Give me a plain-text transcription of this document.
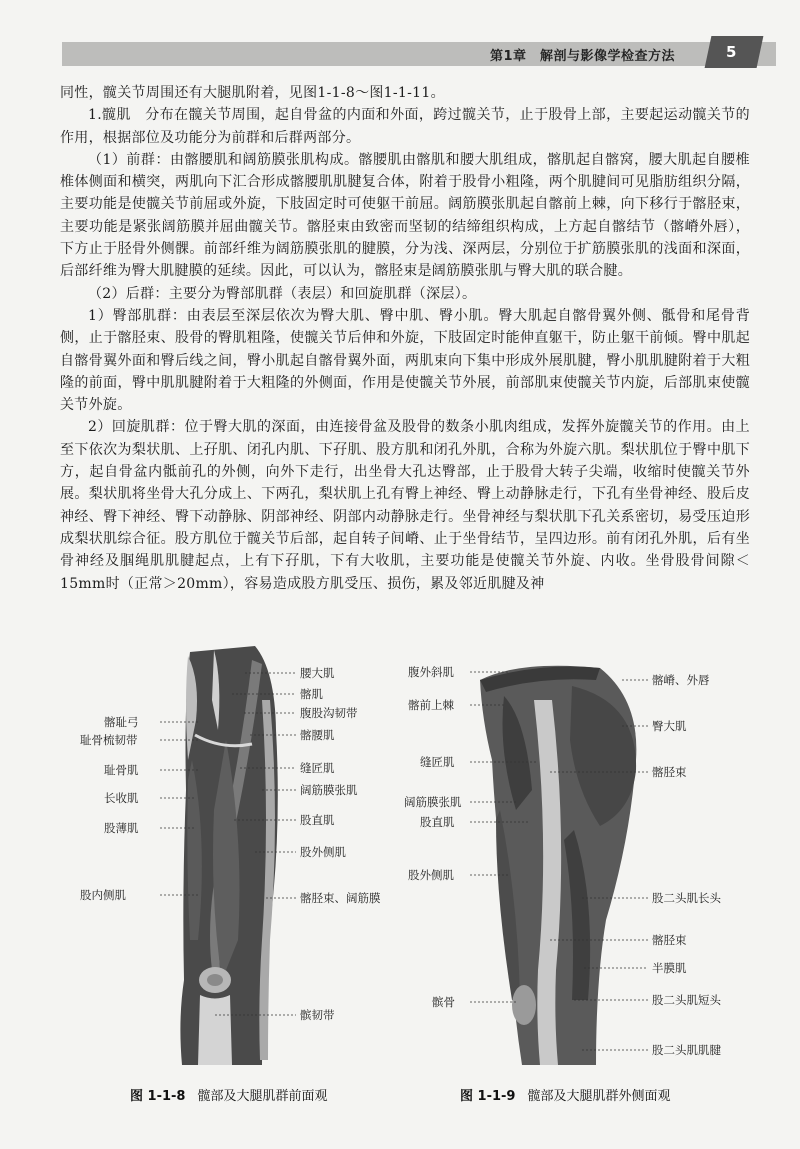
第1章　解剖与影像学检查方法	5

同性，髋关节周围还有大腿肌附着，见图1-1-8～图1-1-11。

1.髋肌　分布在髋关节周围，起自骨盆的内面和外面，跨过髋关节，止于股骨上部，主要起运动髋关节的作用，根据部位及功能分为前群和后群两部分。

（1）前群：由髂腰肌和阔筋膜张肌构成。髂腰肌由髂肌和腰大肌组成，髂肌起自髂窝，腰大肌起自腰椎椎体侧面和横突，两肌向下汇合形成髂腰肌肌腱复合体，附着于股骨小粗隆，两个肌腱间可见脂肪组织分隔，主要功能是使髋关节前屈或外旋，下肢固定时可使躯干前屈。阔筋膜张肌起自髂前上棘，向下移行于髂胫束，主要功能是紧张阔筋膜并屈曲髋关节。髂胫束由致密而坚韧的结缔组织构成，上方起自髂结节（髂嵴外唇），下方止于胫骨外侧髁。前部纤维为阔筋膜张肌的腱膜，分为浅、深两层，分别位于扩筋膜张肌的浅面和深面，后部纤维为臀大肌腱膜的延续。因此，可以认为，髂胫束是阔筋膜张肌与臀大肌的联合腱。

（2）后群：主要分为臀部肌群（表层）和回旋肌群（深层）。

1）臀部肌群：由表层至深层依次为臀大肌、臀中肌、臀小肌。臀大肌起自髂骨翼外侧、骶骨和尾骨背侧，止于髂胫束、股骨的臀肌粗隆，使髋关节后伸和外旋，下肢固定时能伸直躯干，防止躯干前倾。臀中肌起自髂骨翼外面和臀后线之间，臀小肌起自髂骨翼外面，两肌束向下集中形成外展肌腱，臀小肌肌腱附着于大粗隆的前面，臀中肌肌腱附着于大粗隆的外侧面，作用是使髋关节外展，前部肌束使髋关节内旋，后部肌束使髋关节外旋。

2）回旋肌群：位于臀大肌的深面，由连接骨盆及股骨的数条小肌肉组成，发挥外旋髋关节的作用。由上至下依次为梨状肌、上孖肌、闭孔内肌、下孖肌、股方肌和闭孔外肌，合称为外旋六肌。梨状肌位于臀中肌下方，起自骨盆内骶前孔的外侧，向外下走行，出坐骨大孔达臀部，止于股骨大转子尖端，收缩时使髋关节外展。梨状肌将坐骨大孔分成上、下两孔，梨状肌上孔有臀上神经、臀上动静脉走行，下孔有坐骨神经、股后皮神经、臀下神经、臀下动静脉、阴部神经、阴部内动静脉走行。坐骨神经与梨状肌下孔关系密切，易受压迫形成梨状肌综合征。股方肌位于髋关节后部，起自转子间嵴、止于坐骨结节，呈四边形。前有闭孔外肌，后有坐骨神经及腘绳肌肌腱起点，上有下孖肌，下有大收肌，主要功能是使髋关节外旋、内收。坐骨股骨间隙＜15mm时（正常＞20mm），容易造成股方肌受压、损伤，累及邻近肌腱及神

腰大肌
髂肌
腹股沟韧带
髂腰肌
缝匠肌
阔筋膜张肌
股直肌
股外侧肌
髂胫束、阔筋膜
髌韧带
髂耻弓
耻骨梳韧带
耻骨肌
长收肌
股薄肌
股内侧肌
腹外斜肌
髂前上棘
缝匠肌
阔筋膜张肌
股直肌
股外侧肌
髌骨
髂嵴、外唇
臀大肌
髂胫束
股二头肌长头
髂胫束
半膜肌
股二头肌短头
股二头肌肌腱
图 1-1-8 髋部及大腿肌群前面观	图 1-1-9 髋部及大腿肌群外侧面观
